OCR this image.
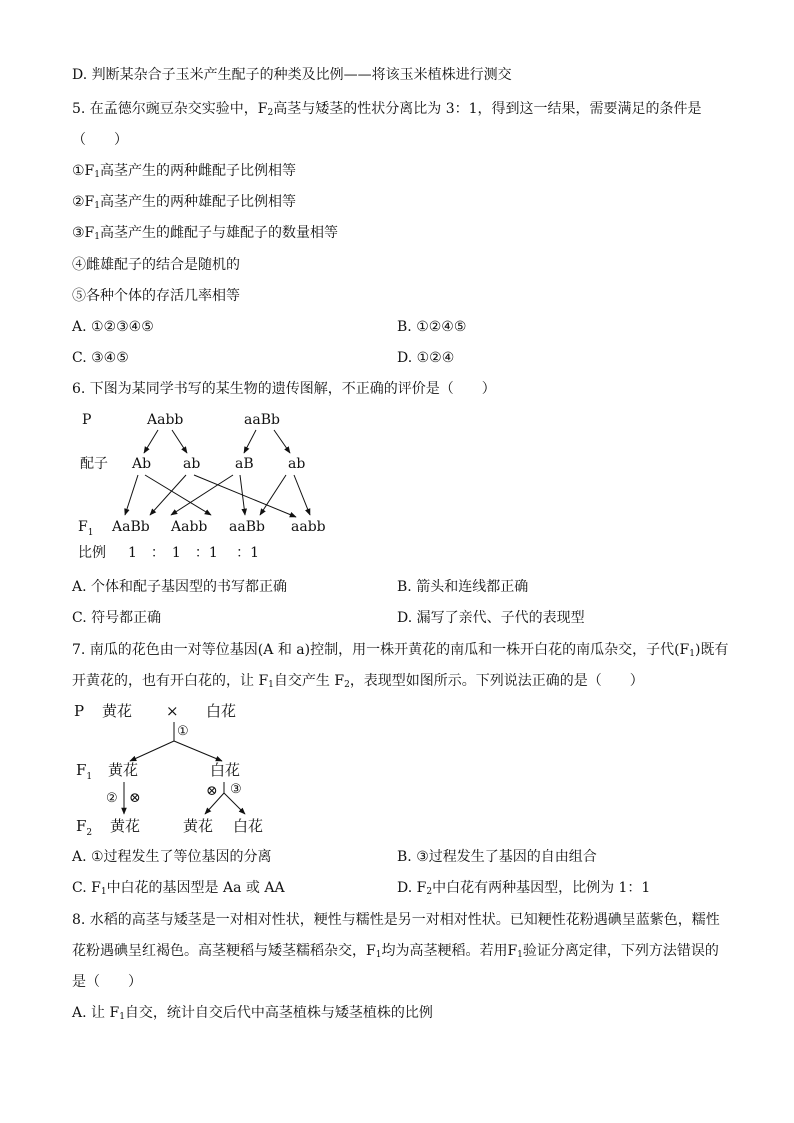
D. 判断某杂合子玉米产生配子的种类及比例——将该玉米植株进行测交
5. 在孟德尔豌豆杂交实验中，$F_2$高茎与矮茎的性状分离比为 3：1，得到这一结果，需要满足的条件是
（　　）
$①F_1$高茎产生的两种雌配子比例相等
$②F_1$高茎产生的两种雄配子比例相等
$③F_1$高茎产生的雌配子与雄配子的数量相等
④雌雄配子的结合是随机的
⑤各种个体的存活几率相等
A. ①②③④⑤	B. ①②④⑤
C. ③④⑤	D. ①②④
6. 下图为某同学书写的某生物的遗传图解，不正确的评价是（　　）
P	Aabb	aaBb
配子 Ab ab aB ab
$F_1$ AaBb Aabb aaBb aabb
比例 1　：　1　：1　 ：1
A. 个体和配子基因型的书写都正确	B. 箭头和连线都正确
C. 符号都正确	D. 漏写了亲代、子代的表现型
7. 南瓜的花色由一对等位基因(A 和 a)控制，用一株开黄花的南瓜和一株开白花的南瓜杂交，子代$(F_1)$既有
开黄花的，也有开白花的，让 $F_1$自交产生 $F_2$，表现型如图所示。下列说法正确的是（　　）
P 黄花 × 白花
①
$F_1$ 黄花	白花
② ⊗	⊗ ③
$F_2$ 黄花	黄花 白花
A. ①过程发生了等位基因的分离	B. ③过程发生了基因的自由组合
C. $F_1$中白花的基因型是 Aa 或 AA	D. $F_2$中白花有两种基因型，比例为 1：1
8. 水稻的高茎与矮茎是一对相对性状，粳性与糯性是另一对相对性状。已知粳性花粉遇碘呈蓝紫色，糯性
花粉遇碘呈红褐色。高茎粳稻与矮茎糯稻杂交，$F_1$均为高茎粳稻。若用$F_1$验证分离定律，下列方法错误的
是（　　）
A. 让 $F_1$自交，统计自交后代中高茎植株与矮茎植株的比例
